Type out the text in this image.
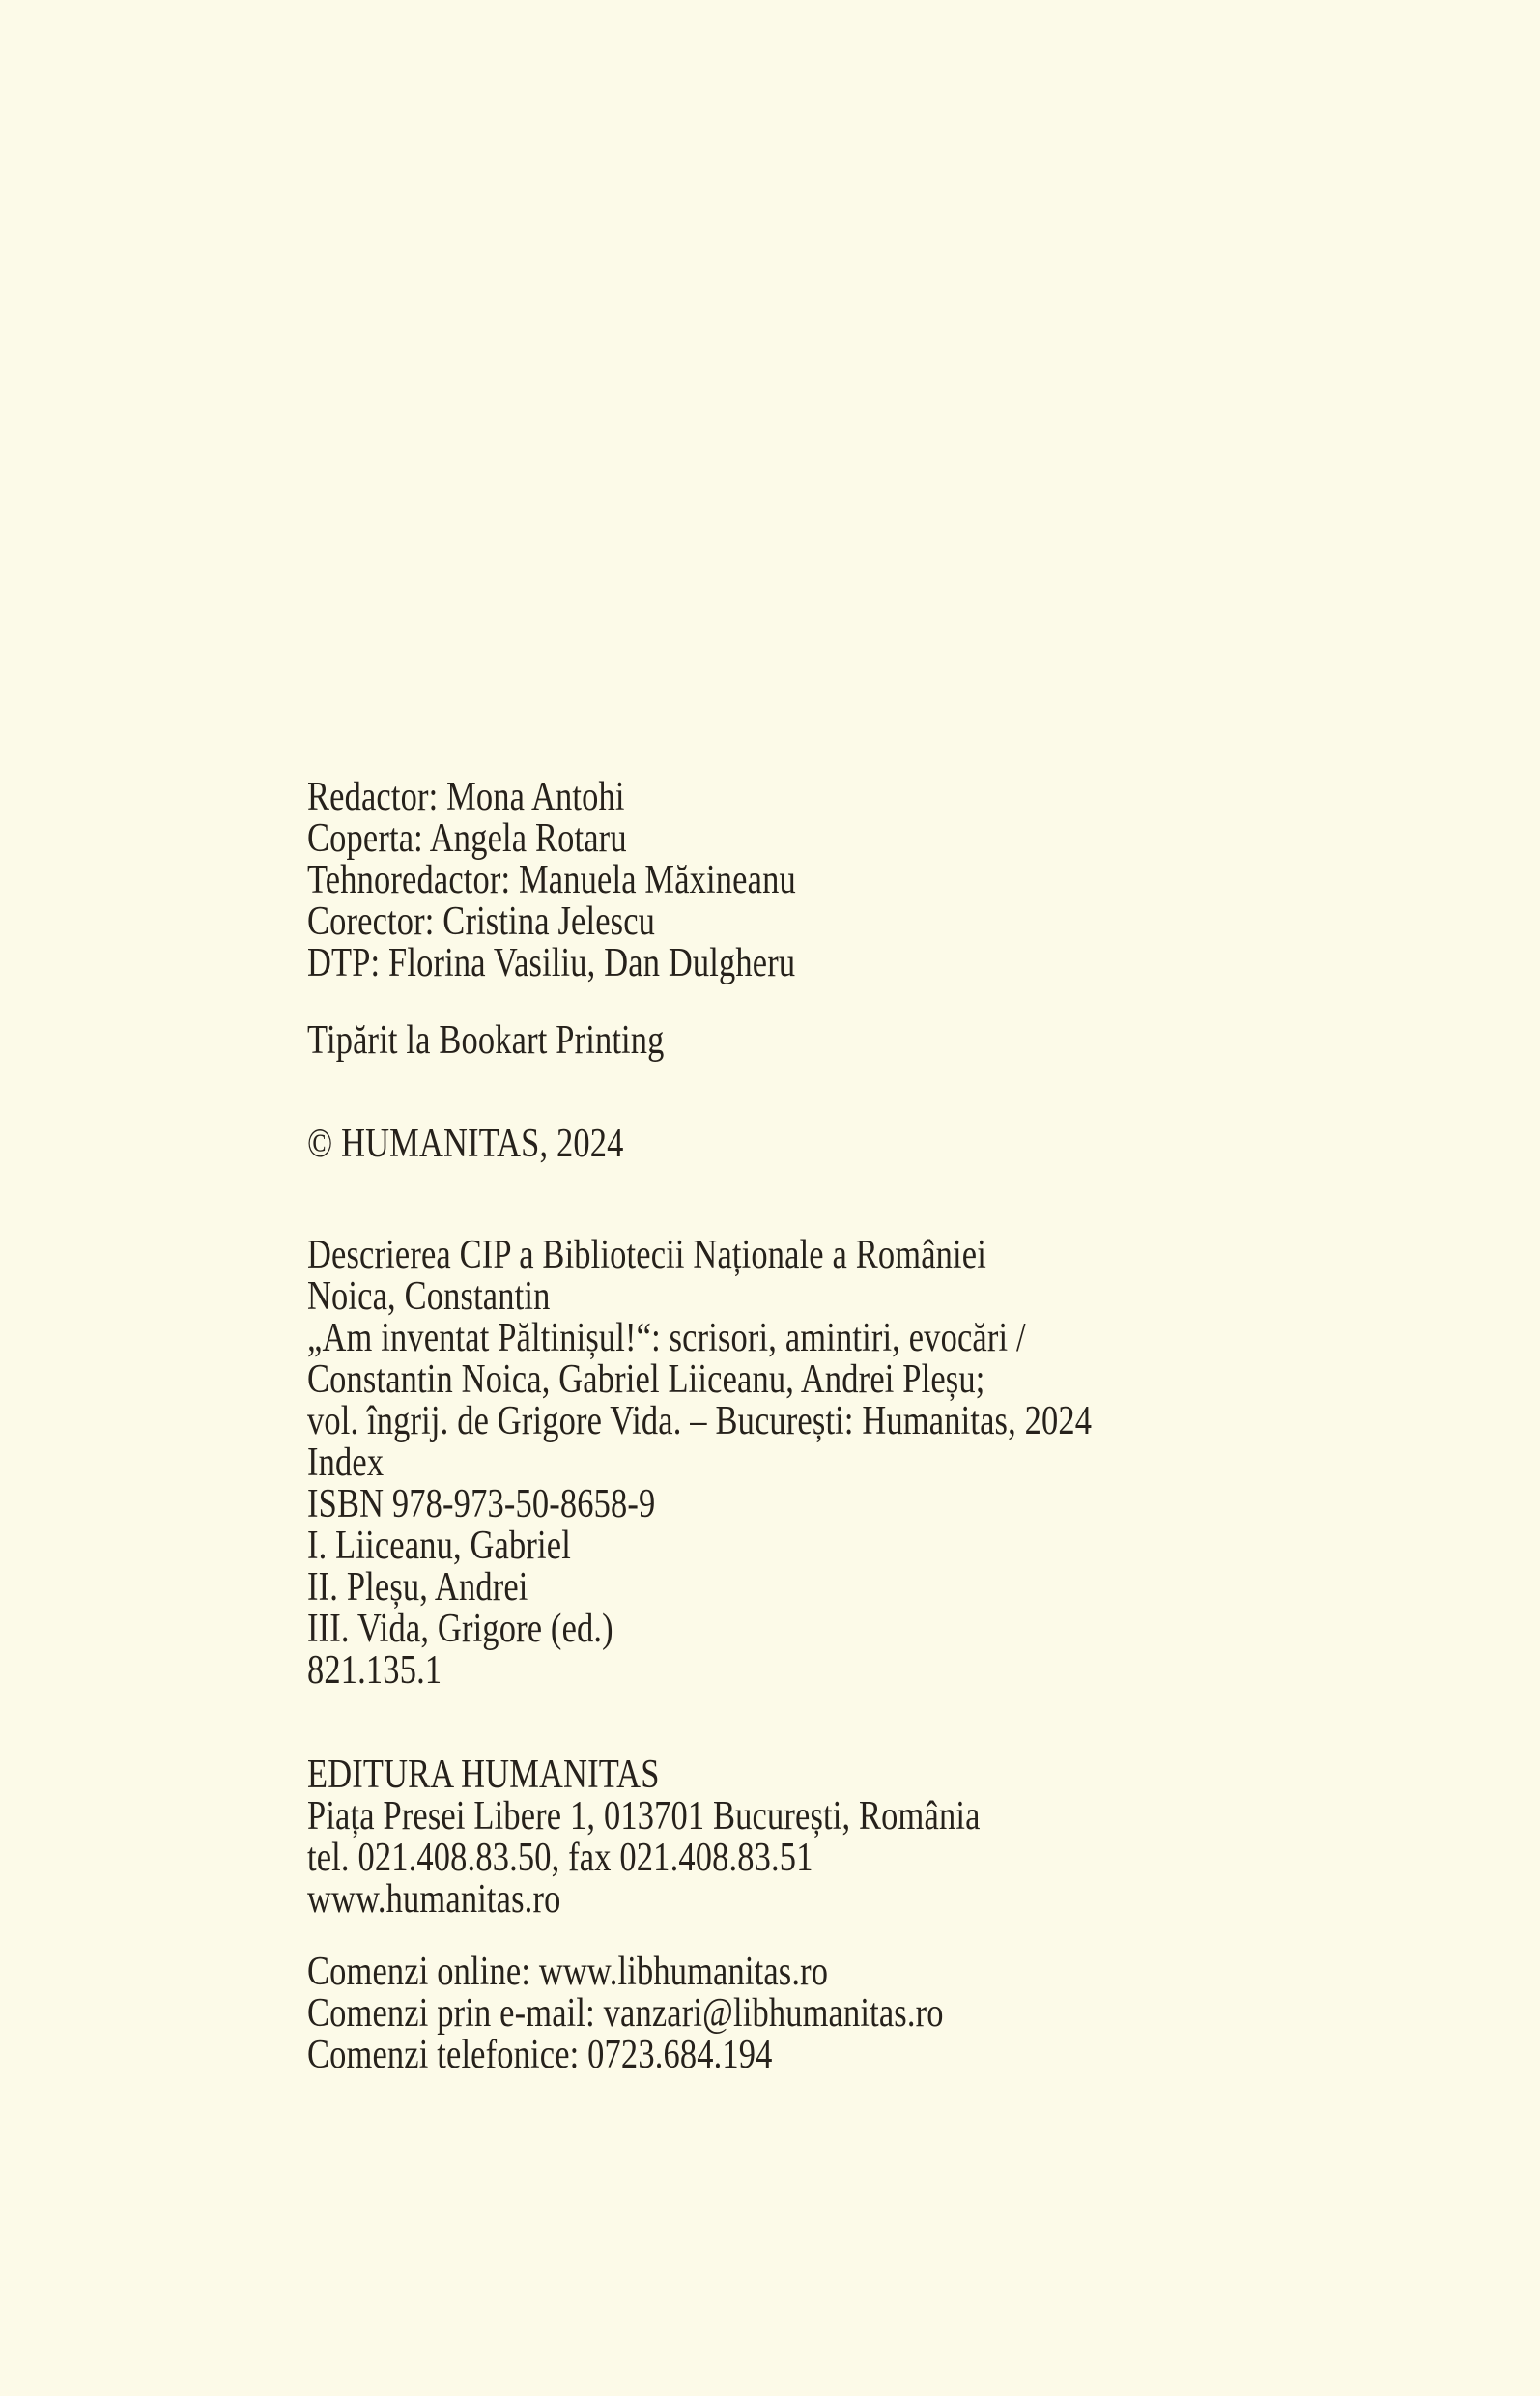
Redactor: Mona Antohi
Coperta: Angela Rotaru
Tehnoredactor: Manuela Măxineanu
Corector: Cristina Jelescu
DTP: Florina Vasiliu, Dan Dulgheru
Tipărit la Bookart Printing
© HUMANITAS, 2024
Descrierea CIP a Bibliotecii Naționale a României
Noica, Constantin
„Am inventat Păltinișul!“: scrisori, amintiri, evocări /
Constantin Noica, Gabriel Liiceanu, Andrei Pleșu;
vol. îngrij. de Grigore Vida. – București: Humanitas, 2024
Index
ISBN 978-973-50-8658-9
I. Liiceanu, Gabriel
II. Pleșu, Andrei
III. Vida, Grigore (ed.)
821.135.1
EDITURA HUMANITAS
Piața Presei Libere 1, 013701 București, România
tel. 021.408.83.50, fax 021.408.83.51
www.humanitas.ro
Comenzi online: www.libhumanitas.ro
Comenzi prin e-mail: vanzari@libhumanitas.ro
Comenzi telefonice: 0723.684.194
